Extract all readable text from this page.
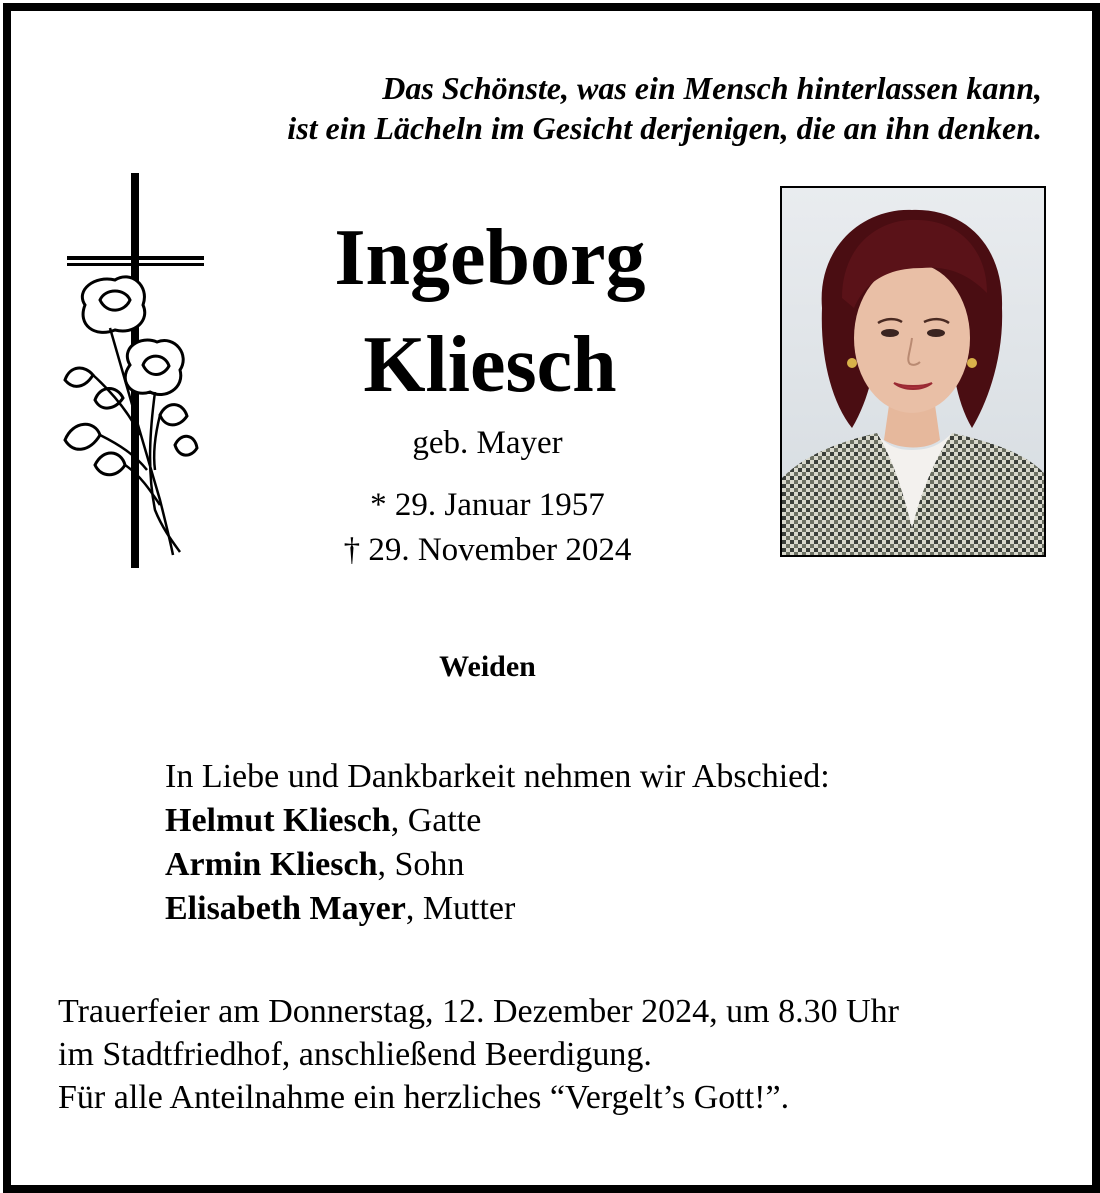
Das Schönste, was ein Mensch hinterlassen kann,
ist ein Lächeln im Gesicht derjenigen, die an ihn denken.
Ingeborg
Kliesch
geb. Mayer
* 29. Januar 1957
† 29. November 2024
Weiden
In Liebe und Dankbarkeit nehmen wir Abschied:
Helmut Kliesch, Gatte
Armin Kliesch, Sohn
Elisabeth Mayer, Mutter
Trauerfeier am Donnerstag, 12. Dezember 2024, um 8.30 Uhr
im Stadtfriedhof, anschließend Beerdigung.
Für alle Anteilnahme ein herzliches “Vergelt’s Gott!”.
